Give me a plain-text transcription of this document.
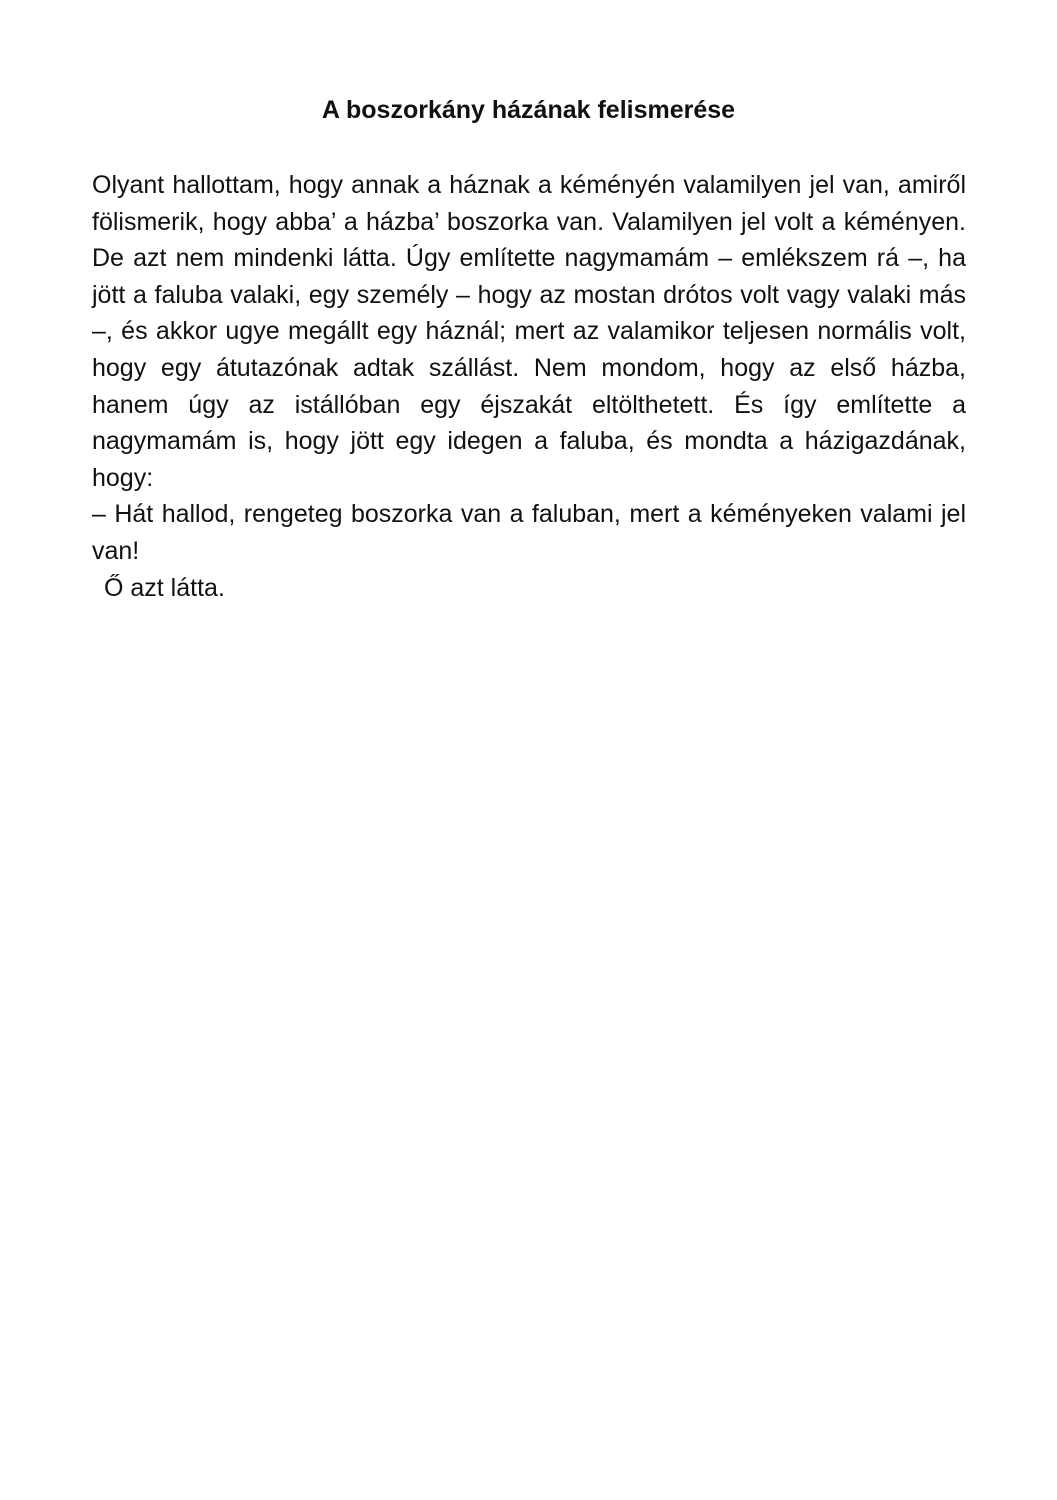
A boszorkány házának felismerése

Olyant hallottam, hogy annak a háznak a kéményén valamilyen jel van, amiről fölismerik, hogy abba’ a házba’ boszorka van. Valamilyen jel volt a kéményen. De azt nem mindenki látta. Úgy említette nagymamám – emlékszem rá –, ha jött a faluba valaki, egy személy – hogy az mostan drótos volt vagy valaki más –, és akkor ugye megállt egy háznál; mert az valamikor teljesen normális volt, hogy egy átutazónak adtak szállást. Nem mondom, hogy az első házba, hanem úgy az istállóban egy éjszakát eltölthetett. És így említette a nagymamám is, hogy jött egy idegen a faluba, és mondta a házigazdának, hogy:

– Hát hallod, rengeteg boszorka van a faluban, mert a kéményeken valami jel van!

Ő azt látta.
